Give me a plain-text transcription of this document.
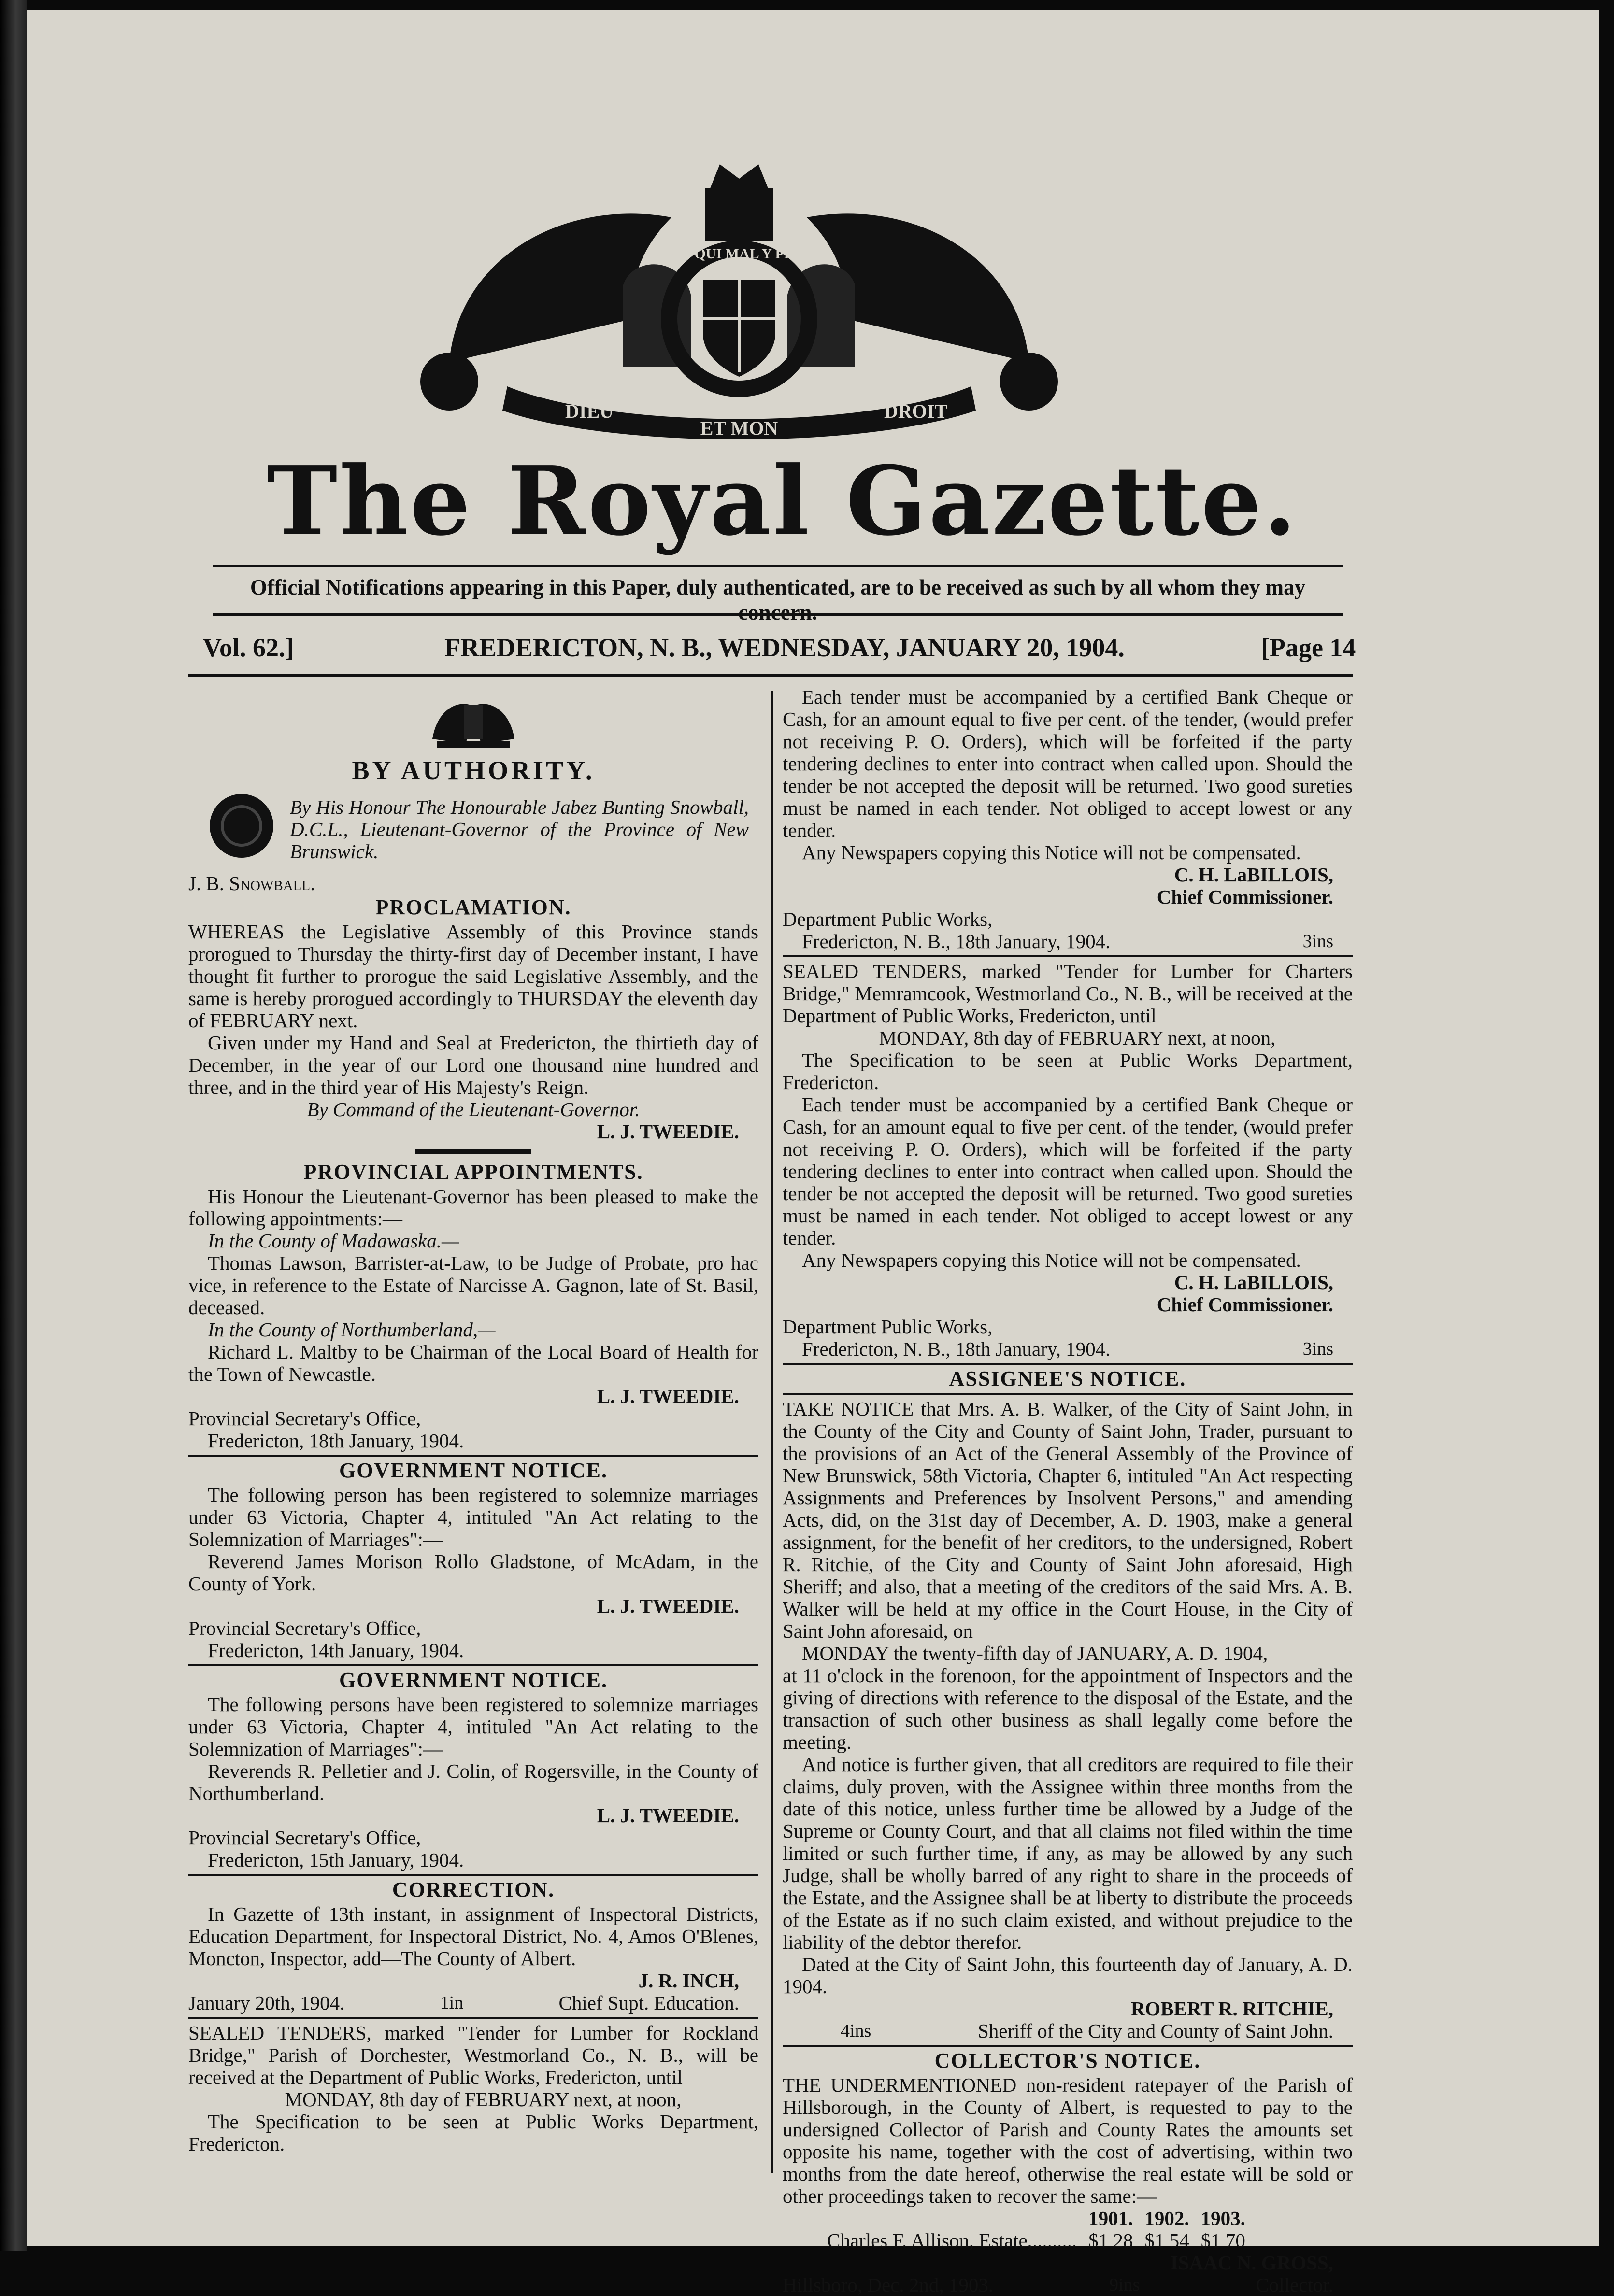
SOIT QUI MAL Y PENSE
DIEU
ET MON
DROIT
The Royal Gazette.
Official Notifications appearing in this Paper, duly authenticated, are to be received as such by all whom they may concern.
Vol. 62.]	FREDERICTON, N. B., WEDNESDAY, JANUARY 20, 1904.	[Page 14
BY AUTHORITY.

By His Honour The Honourable Jabez Bunting Snowball, D.C.L., Lieutenant-Governor of the Province of New Brunswick.

J. B. Snowball.

PROCLAMATION.

WHEREAS the Legislative Assembly of this Province stands prorogued to Thursday the thirty-first day of December instant, I have thought fit further to prorogue the said Legislative Assembly, and the same is hereby prorogued accordingly to THURSDAY the eleventh day of FEBRUARY next.

Given under my Hand and Seal at Fredericton, the thirtieth day of December, in the year of our Lord one thousand nine hundred and three, and in the third year of His Majesty's Reign.

By Command of the Lieutenant-Governor.

L. J. TWEEDIE.
PROVINCIAL APPOINTMENTS.

His Honour the Lieutenant-Governor has been pleased to make the following appointments:—

In the County of Madawaska.—

Thomas Lawson, Barrister-at-Law, to be Judge of Probate, pro hac vice, in reference to the Estate of Narcisse A. Gagnon, late of St. Basil, deceased.

In the County of Northumberland,—

Richard L. Maltby to be Chairman of the Local Board of Health for the Town of Newcastle.

L. J. TWEEDIE.

Provincial Secretary's Office,

Fredericton, 18th January, 1904.

GOVERNMENT NOTICE.

The following person has been registered to solemnize marriages under 63 Victoria, Chapter 4, intituled "An Act relating to the Solemnization of Marriages":—

Reverend James Morison Rollo Gladstone, of McAdam, in the County of York.

L. J. TWEEDIE.

Provincial Secretary's Office,

Fredericton, 14th January, 1904.

GOVERNMENT NOTICE.

The following persons have been registered to solemnize marriages under 63 Victoria, Chapter 4, intituled "An Act relating to the Solemnization of Marriages":—

Reverends R. Pelletier and J. Colin, of Rogersville, in the County of Northumberland.

L. J. TWEEDIE.

Provincial Secretary's Office,

Fredericton, 15th January, 1904.

CORRECTION.

In Gazette of 13th instant, in assignment of Inspectoral Districts, Education Department, for Inspectoral District, No. 4, Amos O'Blenes, Moncton, Inspector, add—The County of Albert.

J. R. INCH,
January 20th, 1904.	1in	Chief Supt. Education.

SEALED TENDERS, marked "Tender for Lumber for Rockland Bridge," Parish of Dorchester, Westmorland Co., N. B., will be received at the Department of Public Works, Fredericton, until

MONDAY, 8th day of FEBRUARY next, at noon,

The Specification to be seen at Public Works Department, Fredericton.

Each tender must be accompanied by a certified Bank Cheque or Cash, for an amount equal to five per cent. of the tender, (would prefer not receiving P. O. Orders), which will be forfeited if the party tendering declines to enter into contract when called upon. Should the tender be not accepted the deposit will be returned. Two good sureties must be named in each tender. Not obliged to accept lowest or any tender.

Any Newspapers copying this Notice will not be compensated.

C. H. LaBILLOIS,
Chief Commissioner.

Department Public Works,

Fredericton, N. B., 18th January, 1904.	3ins

SEALED TENDERS, marked "Tender for Lumber for Charters Bridge," Memramcook, Westmorland Co., N. B., will be received at the Department of Public Works, Fredericton, until

MONDAY, 8th day of FEBRUARY next, at noon,

The Specification to be seen at Public Works Department, Fredericton.

Each tender must be accompanied by a certified Bank Cheque or Cash, for an amount equal to five per cent. of the tender, (would prefer not receiving P. O. Orders), which will be forfeited if the party tendering declines to enter into contract when called upon. Should the tender be not accepted the deposit will be returned. Two good sureties must be named in each tender. Not obliged to accept lowest or any tender.

Any Newspapers copying this Notice will not be compensated.

C. H. LaBILLOIS,
Chief Commissioner.

Department Public Works,

Fredericton, N. B., 18th January, 1904.	3ins
ASSIGNEE'S NOTICE.

TAKE NOTICE that Mrs. A. B. Walker, of the City of Saint John, in the County of the City and County of Saint John, Trader, pursuant to the provisions of an Act of the General Assembly of the Province of New Brunswick, 58th Victoria, Chapter 6, intituled "An Act respecting Assignments and Preferences by Insolvent Persons," and amending Acts, did, on the 31st day of December, A. D. 1903, make a general assignment, for the benefit of her creditors, to the undersigned, Robert R. Ritchie, of the City and County of Saint John aforesaid, High Sheriff; and also, that a meeting of the creditors of the said Mrs. A. B. Walker will be held at my office in the Court House, in the City of Saint John aforesaid, on

MONDAY the twenty-fifth day of JANUARY, A. D. 1904,

at 11 o'clock in the forenoon, for the appointment of Inspectors and the giving of directions with reference to the disposal of the Estate, and the transaction of such other business as shall legally come before the meeting.

And notice is further given, that all creditors are required to file their claims, duly proven, with the Assignee within three months from the date of this notice, unless further time be allowed by a Judge of the Supreme or County Court, and that all claims not filed within the time limited or such further time, if any, as may be allowed by any such Judge, shall be wholly barred of any right to share in the proceeds of the Estate, and the Assignee shall be at liberty to distribute the proceeds of the Estate as if no such claim existed, and without prejudice to the liability of the debtor therefor.

Dated at the City of Saint John, this fourteenth day of January, A. D. 1904.

ROBERT R. RITCHIE,
4ins	Sheriff of the City and County of Saint John.
COLLECTOR'S NOTICE.

THE UNDERMENTIONED non-resident ratepayer of the Parish of Hillsborough, in the County of Albert, is requested to pay to the undersigned Collector of Parish and County Rates the amounts set opposite his name, together with the cost of advertising, within two months from the date hereof, otherwise the real estate will be sold or other proceedings taken to recover the same:—

	1901.	1902.	1903.
Charles F. Allison, Estate,.........	$1 28	$1 54	$1 70
ISAAC N. GROSS,
Hillsboro, Dec. 2nd, 1903.	9ins	Collector.
